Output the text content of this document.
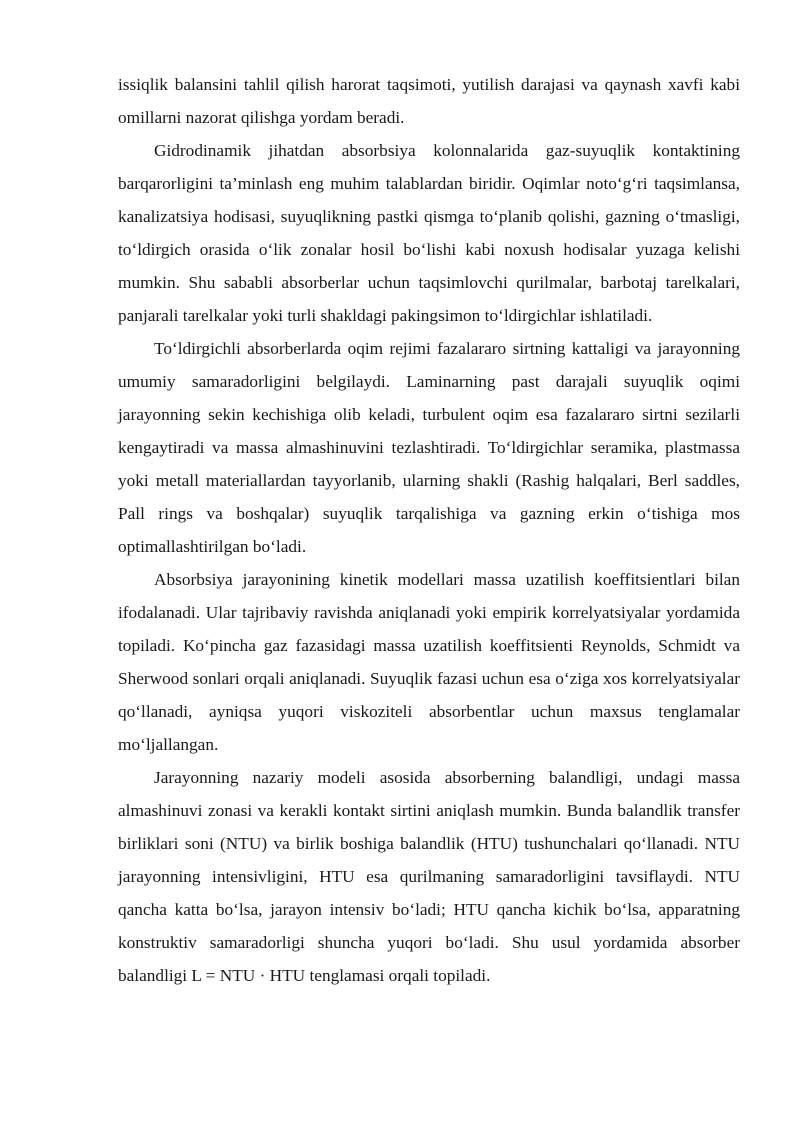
issiqlik balansini tahlil qilish harorat taqsimoti, yutilish darajasi va qaynash xavfi kabi omillarni nazorat qilishga yordam beradi.

Gidrodinamik jihatdan absorbsiya kolonnalarida gaz-suyuqlik kontaktining barqarorligini ta’minlash eng muhim talablardan biridir. Oqimlar noto‘g‘ri taqsimlansa, kanalizatsiya hodisasi, suyuqlikning pastki qismga to‘planib qolishi, gazning o‘tmasligi, to‘ldirgich orasida o‘lik zonalar hosil bo‘lishi kabi noxush hodisalar yuzaga kelishi mumkin. Shu sababli absorberlar uchun taqsimlovchi qurilmalar, barbotaj tarelkalari, panjarali tarelkalar yoki turli shakldagi pakingsimon to‘ldirgichlar ishlatiladi.

To‘ldirgichli absorberlarda oqim rejimi fazalararo sirtning kattaligi va jarayonning umumiy samaradorligini belgilaydi. Laminarning past darajali suyuqlik oqimi jarayonning sekin kechishiga olib keladi, turbulent oqim esa fazalararo sirtni sezilarli kengaytiradi va massa almashinuvini tezlashtiradi. To‘ldirgichlar seramika, plastmassa yoki metall materiallardan tayyorlanib, ularning shakli (Rashig halqalari, Berl saddles, Pall rings va boshqalar) suyuqlik tarqalishiga va gazning erkin o‘tishiga mos optimallashtirilgan bo‘ladi.

Absorbsiya jarayonining kinetik modellari massa uzatilish koeffitsientlari bilan ifodalanadi. Ular tajribaviy ravishda aniqlanadi yoki empirik korrelyatsiyalar yordamida topiladi. Ko‘pincha gaz fazasidagi massa uzatilish koeffitsienti Reynolds, Schmidt va Sherwood sonlari orqali aniqlanadi. Suyuqlik fazasi uchun esa o‘ziga xos korrelyatsiyalar qo‘llanadi, ayniqsa yuqori viskoziteli absorbentlar uchun maxsus tenglamalar mo‘ljallangan.

Jarayonning nazariy modeli asosida absorberning balandligi, undagi massa almashinuvi zonasi va kerakli kontakt sirtini aniqlash mumkin. Bunda balandlik transfer birliklari soni (NTU) va birlik boshiga balandlik (HTU) tushunchalari qo‘llanadi. NTU jarayonning intensivligini, HTU esa qurilmaning samaradorligini tavsiflaydi. NTU qancha katta bo‘lsa, jarayon intensiv bo‘ladi; HTU qancha kichik bo‘lsa, apparatning konstruktiv samaradorligi shuncha yuqori bo‘ladi. Shu usul yordamida absorber balandligi L = NTU · HTU tenglamasi orqali topiladi.
